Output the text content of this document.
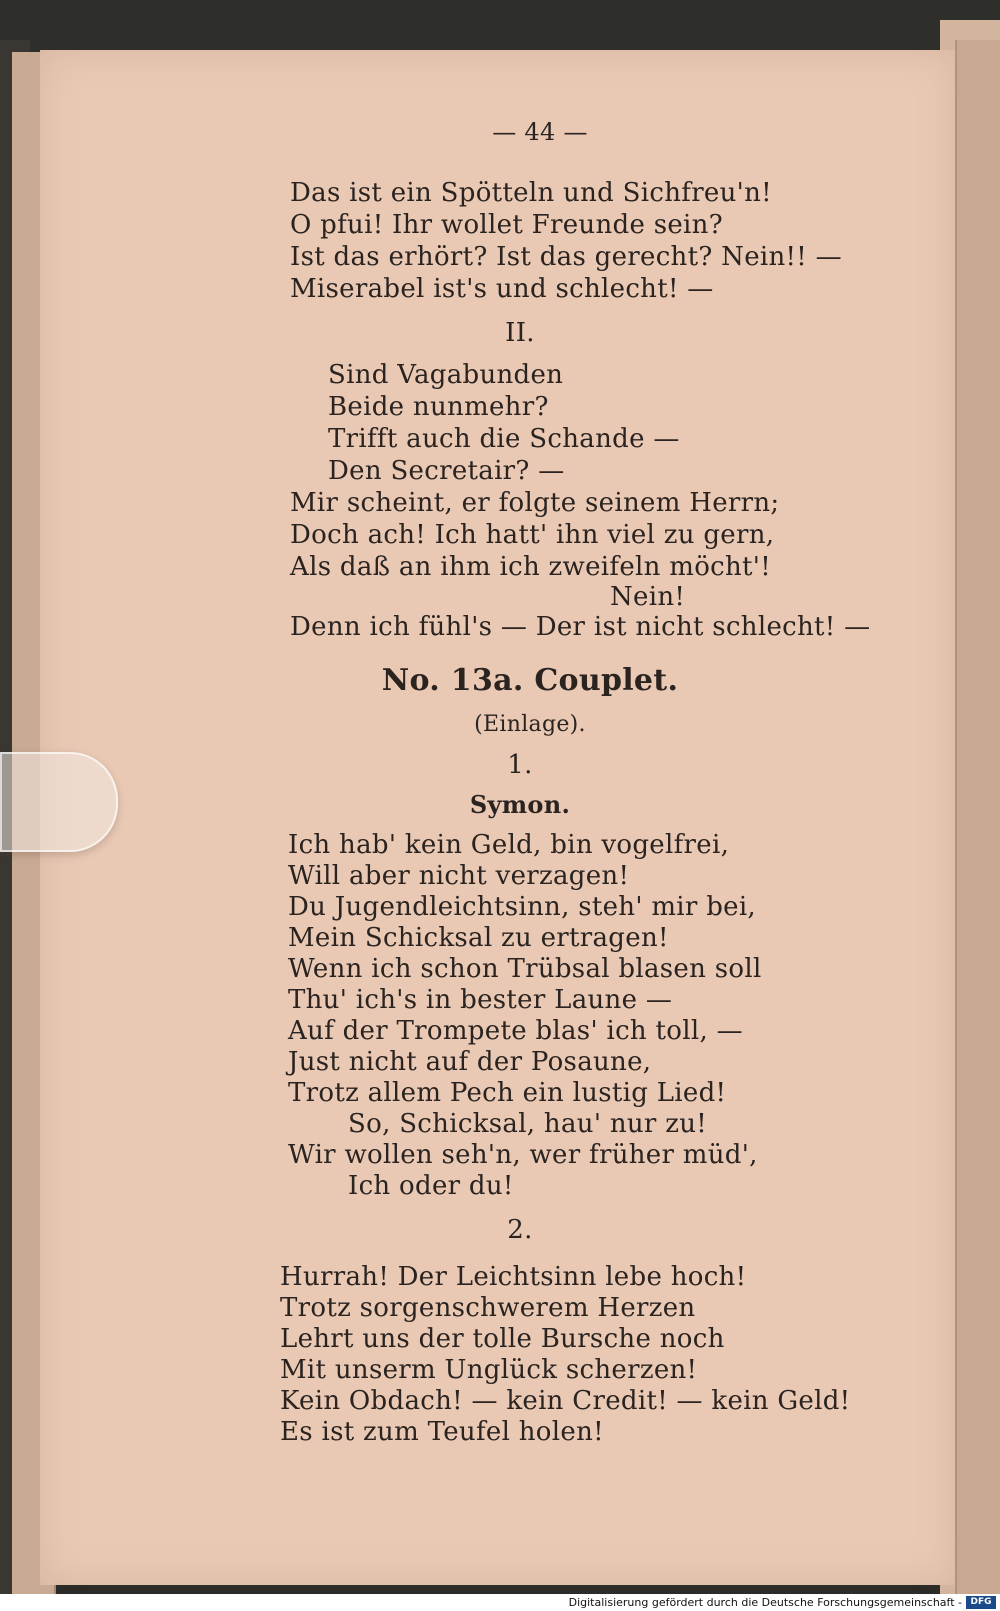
— 44 —
Das ist ein Spötteln und Sichfreu'n!
O pfui! Ihr wollet Freunde sein?
Ist das erhört? Ist das gerecht? Nein!! —
Miserabel ist's und schlecht! —
II.
Sind Vagabunden
Beide nunmehr?
Trifft auch die Schande —
Den Secretair? —
Mir scheint, er folgte seinem Herrn;
Doch ach! Ich hatt' ihn viel zu gern,
Als daß an ihm ich zweifeln möcht'!
Nein!
Denn ich fühl's — Der ist nicht schlecht! —
No. 13a. Couplet.
(Einlage).
1.
Symon.
Ich hab' kein Geld, bin vogelfrei,
Will aber nicht verzagen!
Du Jugendleichtsinn, steh' mir bei,
Mein Schicksal zu ertragen!
Wenn ich schon Trübsal blasen soll
Thu' ich's in bester Laune —
Auf der Trompete blas' ich toll, —
Just nicht auf der Posaune,
Trotz allem Pech ein lustig Lied!
So, Schicksal, hau' nur zu!
Wir wollen seh'n, wer früher müd',
Ich oder du!
2.
Hurrah! Der Leichtsinn lebe hoch!
Trotz sorgenschwerem Herzen
Lehrt uns der tolle Bursche noch
Mit unserm Unglück scherzen!
Kein Obdach! — kein Credit! — kein Geld!
Es ist zum Teufel holen!
Digitalisierung gefördert durch die Deutsche Forschungsgemeinschaft - DFG
